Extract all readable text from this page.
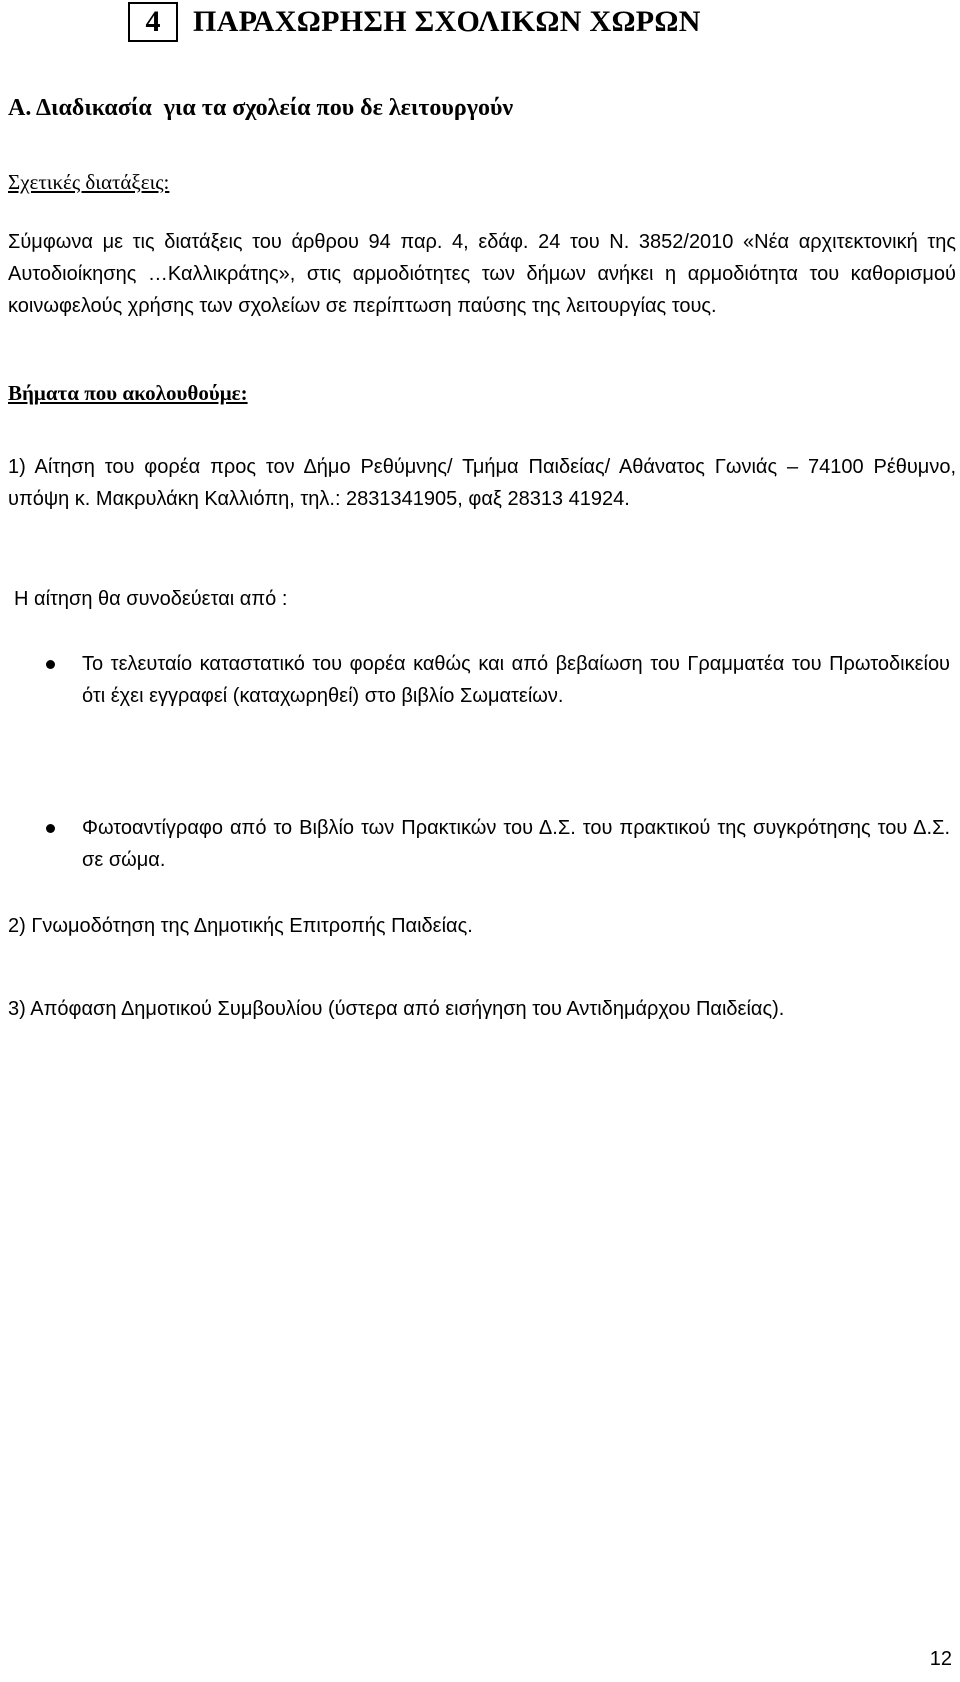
4	ΠΑΡΑΧΩΡΗΣΗ ΣΧΟΛΙΚΩΝ ΧΩΡΩΝ
Α. Διαδικασία  για τα σχολεία που δε λειτουργούν
Σχετικές διατάξεις:

Σύμφωνα με τις διατάξεις του άρθρου 94 παρ. 4, εδάφ. 24 του Ν. 3852/2010 «Νέα αρχιτεκτονική της Αυτοδιοίκησης …Καλλικράτης», στις αρμοδιότητες των δήμων ανήκει η αρμοδιότητα του καθορισμού κοινωφελούς χρήσης των σχολείων σε περίπτωση παύσης της λειτουργίας τους.

Βήματα που ακολουθούμε:

1) Αίτηση του φορέα προς τον Δήμο Ρεθύμνης/ Τμήμα Παιδείας/ Αθάνατος Γωνιάς – 74100 Ρέθυμνο, υπόψη κ. Μακρυλάκη Καλλιόπη, τηλ.: 2831341905, φαξ 28313 41924.

Η αίτηση θα συνοδεύεται από :

Το τελευταίο καταστατικό του φορέα καθώς και από βεβαίωση του Γραμματέα του Πρωτοδικείου ότι έχει εγγραφεί (καταχωρηθεί) στο βιβλίο Σωματείων.
Φωτοαντίγραφο από το Βιβλίο των Πρακτικών του Δ.Σ. του πρακτικού της συγκρότησης του Δ.Σ. σε σώμα.

2) Γνωμοδότηση της Δημοτικής Επιτροπής Παιδείας.

3) Απόφαση Δημοτικού Συμβουλίου (ύστερα από εισήγηση του Αντιδημάρχου Παιδείας).

12
